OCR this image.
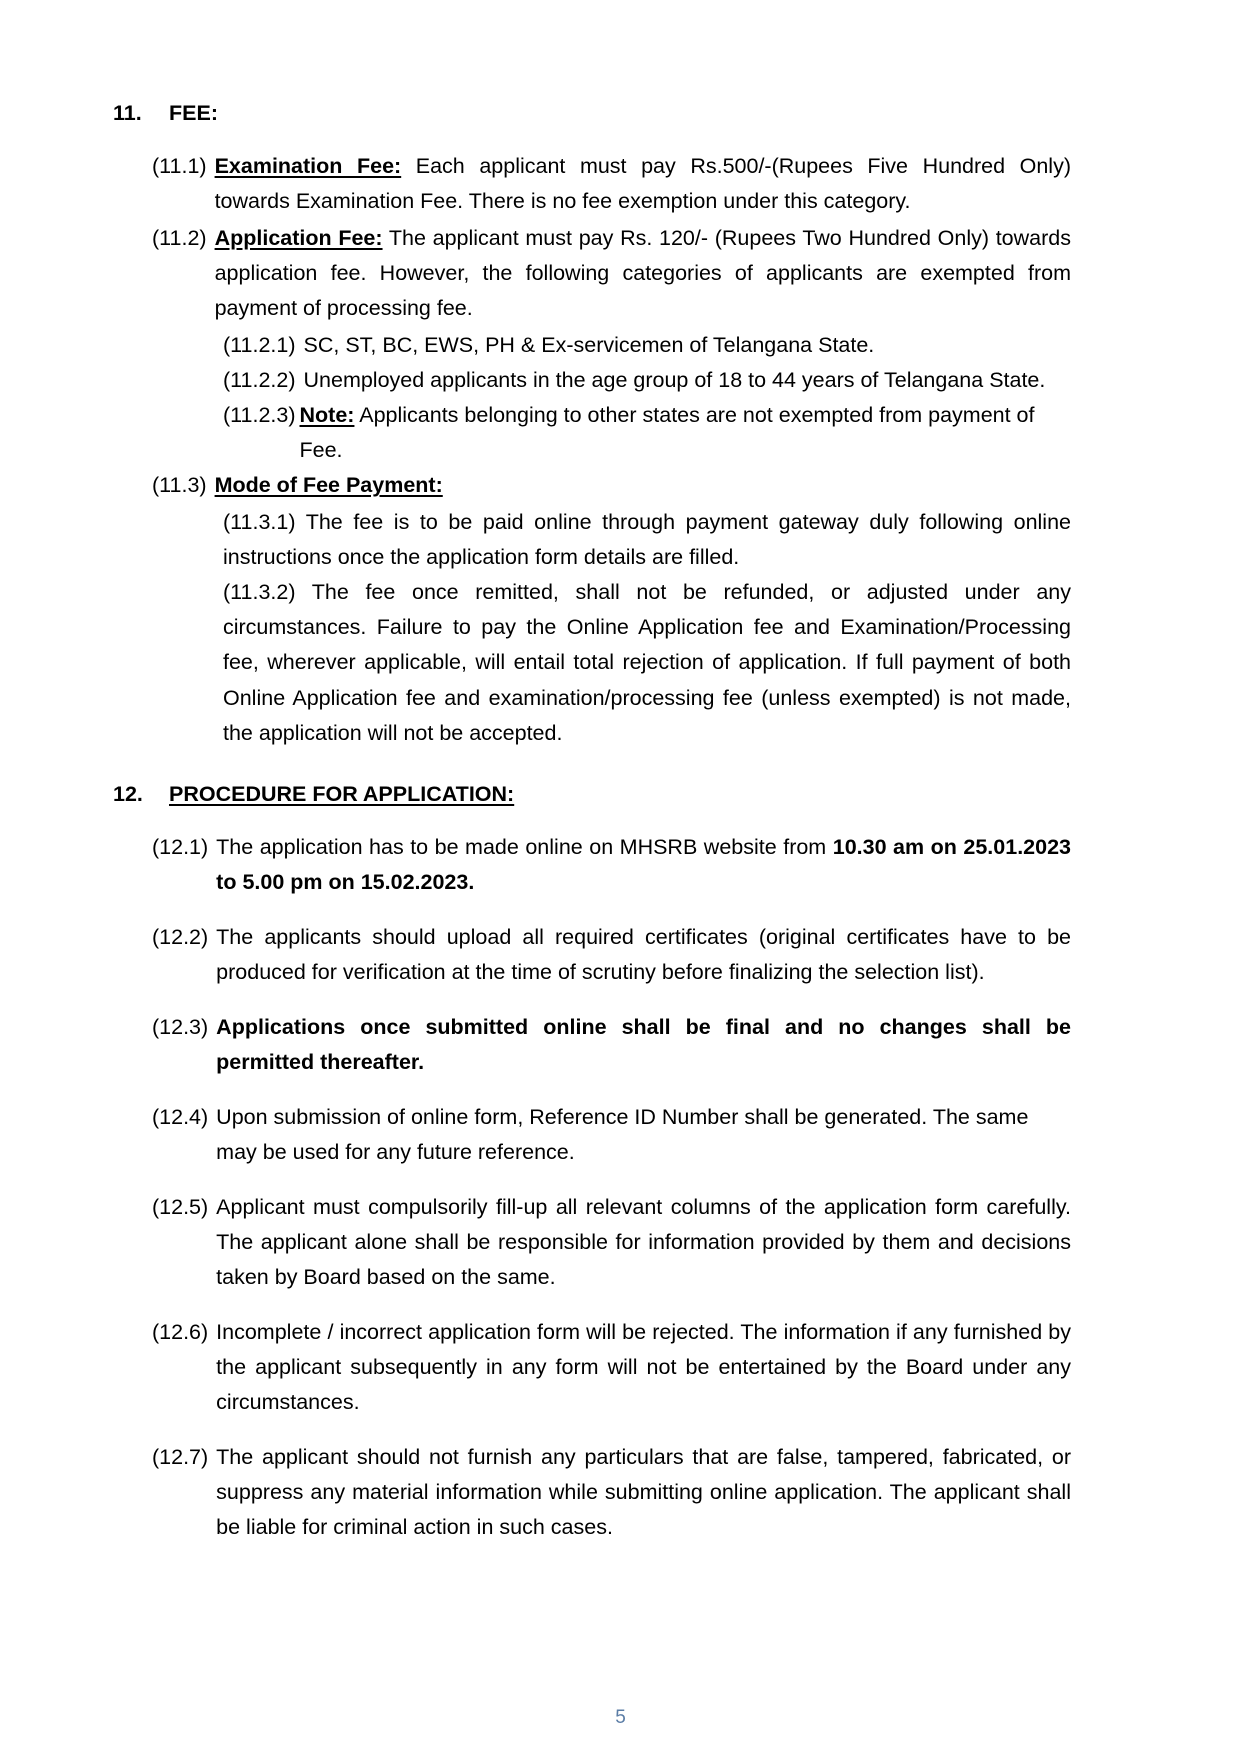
11.	FEE:
(11.1) Examination Fee: Each applicant must pay Rs.500/-(Rupees Five Hundred Only) towards Examination Fee. There is no fee exemption under this category.
(11.2) Application Fee: The applicant must pay Rs. 120/- (Rupees Two Hundred Only) towards application fee. However, the following categories of applicants are exempted from payment of processing fee.
(11.2.1) SC, ST, BC, EWS, PH & Ex-servicemen of Telangana State.
(11.2.2) Unemployed applicants in the age group of 18 to 44 years of Telangana State.
(11.2.3) Note: Applicants belonging to other states are not exempted from payment of Fee.
(11.3) Mode of Fee Payment:

(11.3.1) The fee is to be paid online through payment gateway duly following online instructions once the application form details are filled.

(11.3.2) The fee once remitted, shall not be refunded, or adjusted under any circumstances. Failure to pay the Online Application fee and Examination/Processing fee, wherever applicable, will entail total rejection of application. If full payment of both Online Application fee and examination/processing fee (unless exempted) is not made, the application will not be accepted.

12.	PROCEDURE FOR APPLICATION:
(12.1) The application has to be made online on MHSRB website from 10.30 am on 25.01.2023 to 5.00 pm on 15.02.2023.
(12.2) The applicants should upload all required certificates (original certificates have to be produced for verification at the time of scrutiny before finalizing the selection list).
(12.3) Applications once submitted online shall be final and no changes shall be permitted thereafter.
(12.4) Upon submission of online form, Reference ID Number shall be generated. The same may be used for any future reference.
(12.5) Applicant must compulsorily fill-up all relevant columns of the application form carefully. The applicant alone shall be responsible for information provided by them and decisions taken by Board based on the same.
(12.6) Incomplete / incorrect application form will be rejected. The information if any furnished by the applicant subsequently in any form will not be entertained by the Board under any circumstances.
(12.7) The applicant should not furnish any particulars that are false, tampered, fabricated, or suppress any material information while submitting online application. The applicant shall be liable for criminal action in such cases.
5
